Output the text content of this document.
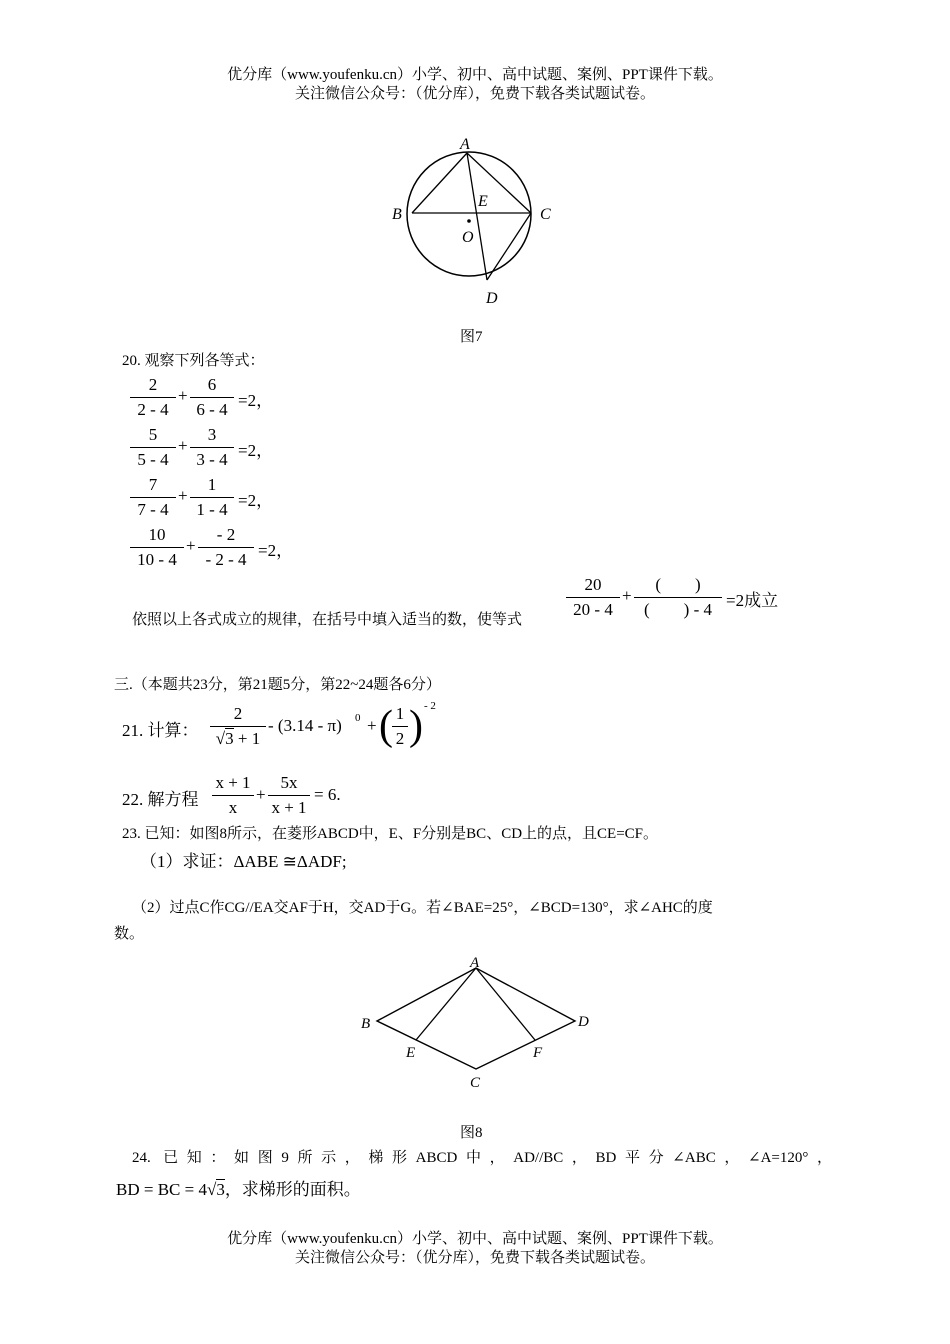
优分库（www.youfenku.cn）小学、初中、高中试题、案例、PPT课件下载。
关注微信公众号：（优分库），免费下载各类试题试卷。
A
B	C
D
E
O
图7
20. 观察下列各等式：
2
2 - 4
+
6
6 - 4 =2，
5
5 - 4
+
3
3 - 4 =2，
7
7 - 4
+
1
1 - 4 =2，
10
10 - 4
+
- 2
- 2 - 4 =2，
依照以上各式成立的规律，在括号中填入适当的数，使等式
20
20 - 4
+
(　　)
(　　) - 4 =2成立
三.（本题共23分，第21题5分，第22~24题各6分）
21. 计算：
2
√3 + 1
- (3.14 - π) 0 + ( 1
2 ) - 2
22. 解方程
x + 1
x
+
5x
x + 1
= 6.
23. 已知：如图8所示，在菱形ABCD中，E、F分别是BC、CD上的点，且CE=CF。
（1）求证：ΔABE ≅ΔADF;
（2）过点C作CG//EA交AF于H，交AD于G。若∠BAE=25°，∠BCD=130°，求∠AHC的度
数。
A
B	D
E	F
C
图8
24. 已知：如图9所示，梯形ABCD中，AD//BC，BD平分∠ABC，∠A=120°，
BD = BC = 4√3，求梯形的面积。
优分库（www.youfenku.cn）小学、初中、高中试题、案例、PPT课件下载。
关注微信公众号：（优分库），免费下载各类试题试卷。
